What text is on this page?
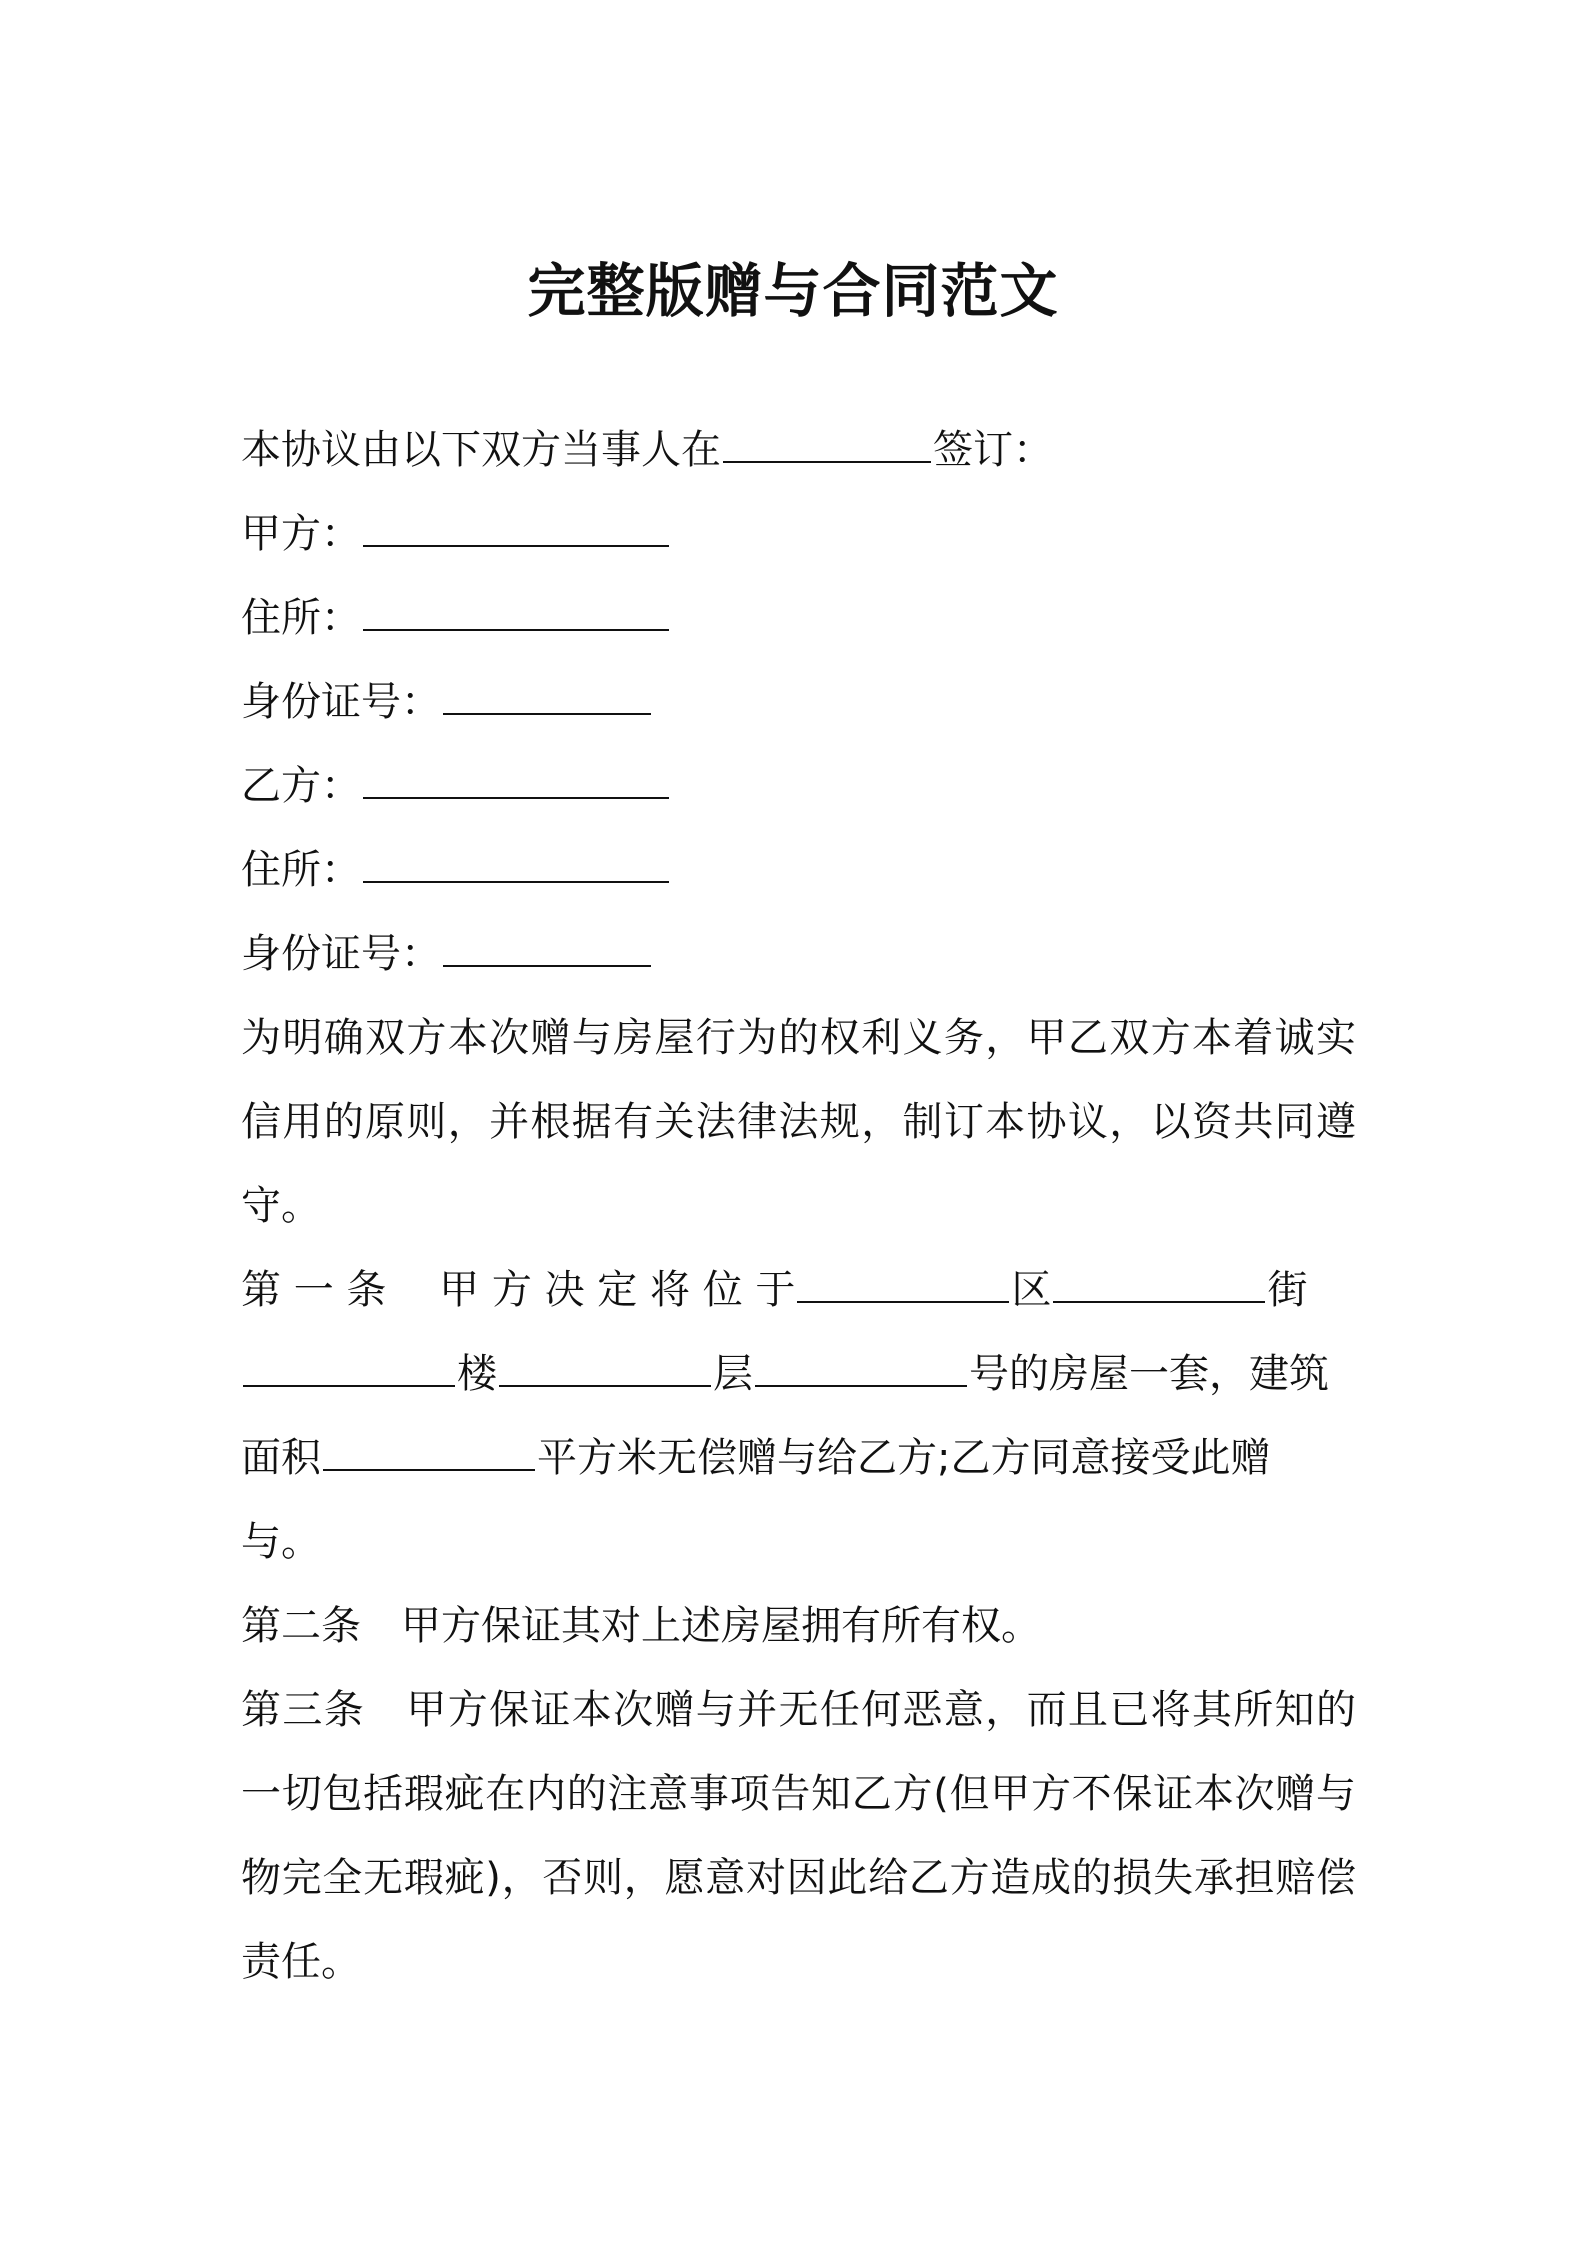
完整版赠与合同范文
本协议由以下双方当事人在	签订：
甲方：
住所：
身份证号：
乙方：
住所：
身份证号：
为明确双方本次赠与房屋行为的权利义务，甲乙双方本着诚实信用的原则，并根据有关法律法规，制订本协议，以资共同遵守。
第 一 条　 甲 方 决 定 将 位 于	区	街
楼	层	号的房屋一套，建筑
面积	平方米无偿赠与给乙方;乙方同意接受此赠
与。
第二条　甲方保证其对上述房屋拥有所有权。
第三条　甲方保证本次赠与并无任何恶意，而且已将其所知的一切包括瑕疵在内的注意事项告知乙方(但甲方不保证本次赠与物完全无瑕疵)，否则，愿意对因此给乙方造成的损失承担赔偿责任。
